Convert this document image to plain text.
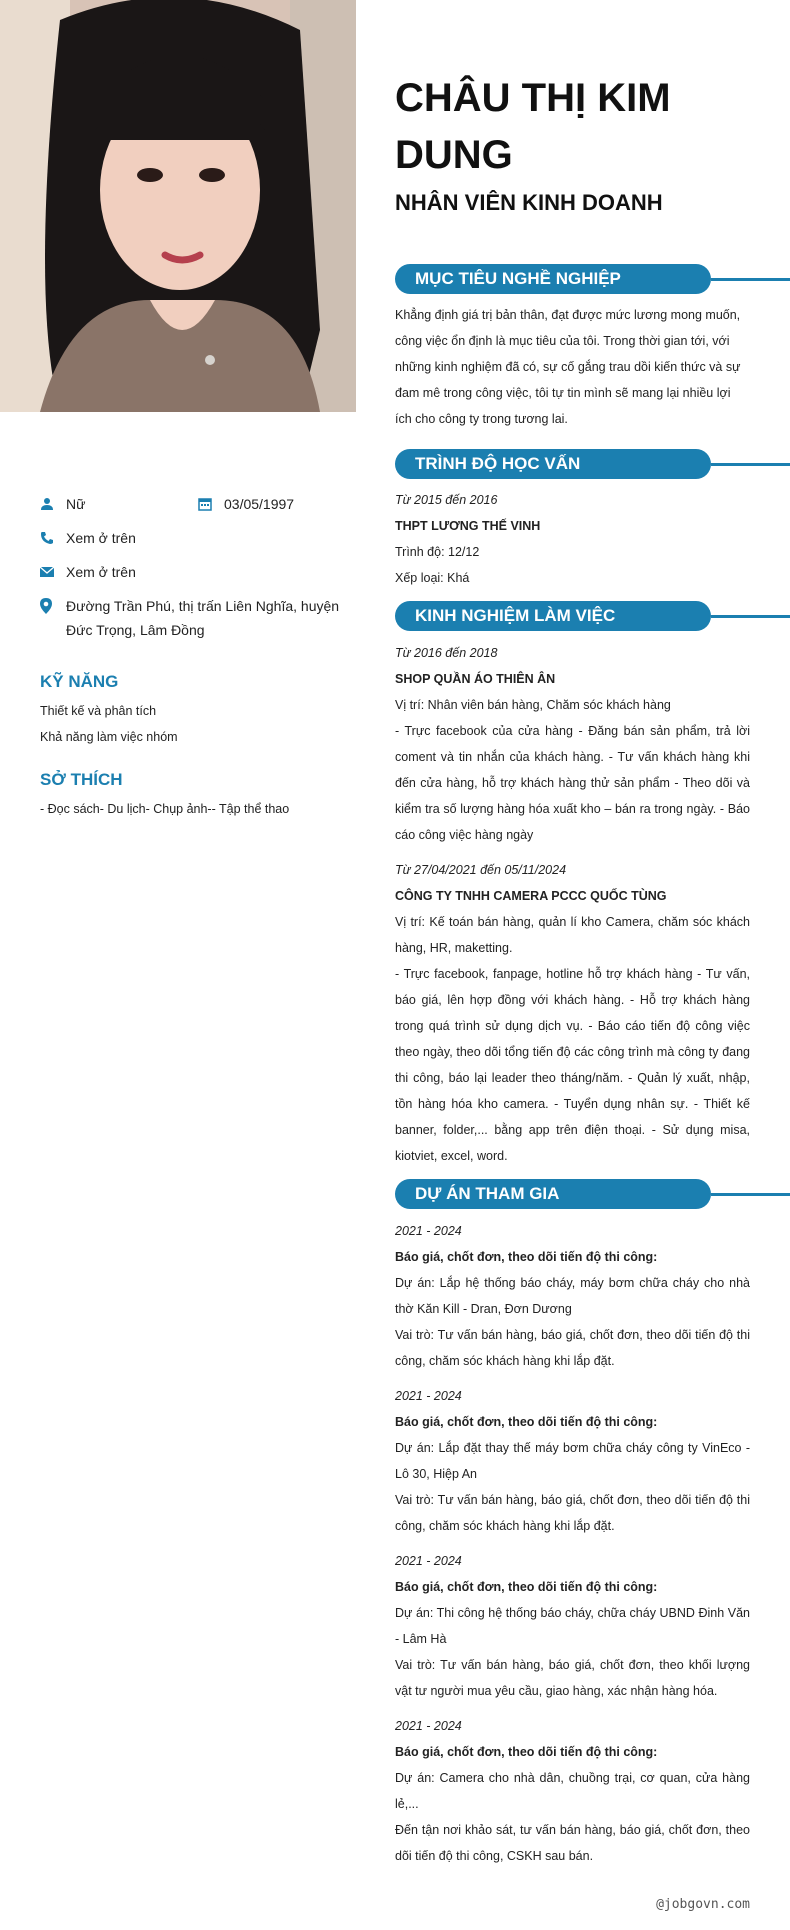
Nữ	03/05/1997
Xem ở trên
Xem ở trên
Đường Trần Phú, thị trấn Liên Nghĩa, huyện Đức Trọng, Lâm Đồng
KỸ NĂNG
Thiết kế và phân tích
Khả năng làm việc nhóm
SỞ THÍCH
- Đọc sách- Du lịch- Chụp ảnh-- Tập thể thao
CHÂU THỊ KIM DUNG
NHÂN VIÊN KINH DOANH
MỤC TIÊU NGHỀ NGHIỆP
Khẳng định giá trị bản thân, đạt được mức lương mong muốn, công việc ổn định là mục tiêu của tôi. Trong thời gian tới, với những kinh nghiệm đã có, sự cố gắng trau dồi kiến thức và sự đam mê trong công việc, tôi tự tin mình sẽ mang lại nhiều lợi ích cho công ty trong tương lai.
TRÌNH ĐỘ HỌC VẤN
Từ 2015 đến 2016
THPT LƯƠNG THẾ VINH
Trình độ: 12/12
Xếp loại: Khá
KINH NGHIỆM LÀM VIỆC
Từ 2016 đến 2018
SHOP QUẦN ÁO THIÊN ÂN
Vị trí: Nhân viên bán hàng, Chăm sóc khách hàng
- Trực facebook của cửa hàng - Đăng bán sản phẩm, trả lời coment và tin nhắn của khách hàng. - Tư vấn khách hàng khi đến cửa hàng, hỗ trợ khách hàng thử sản phẩm - Theo dõi và kiểm tra số lượng hàng hóa xuất kho – bán ra trong ngày. - Báo cáo công việc hàng ngày
Từ 27/04/2021 đến 05/11/2024
CÔNG TY TNHH CAMERA PCCC QUỐC TÙNG
Vị trí: Kế toán bán hàng, quản lí kho Camera, chăm sóc khách hàng, HR, maketting.
- Trực facebook, fanpage, hotline hỗ trợ khách hàng - Tư vấn, báo giá, lên hợp đồng với khách hàng. - Hỗ trợ khách hàng trong quá trình sử dụng dịch vụ. - Báo cáo tiến độ công việc theo ngày, theo dõi tổng tiến độ các công trình mà công ty đang thi công, báo lại leader theo tháng/năm. - Quản lý xuất, nhập, tồn hàng hóa kho camera. - Tuyển dụng nhân sự. - Thiết kế banner, folder,... bằng app trên điện thoại. - Sử dụng misa, kiotviet, excel, word.
DỰ ÁN THAM GIA
2021 - 2024
Báo giá, chốt đơn, theo dõi tiến độ thi công:
Dự án: Lắp hệ thống báo cháy, máy bơm chữa cháy cho nhà thờ Kăn Kill - Dran, Đơn Dương
Vai trò: Tư vấn bán hàng, báo giá, chốt đơn, theo dõi tiến độ thi công, chăm sóc khách hàng khi lắp đặt.
2021 - 2024
Báo giá, chốt đơn, theo dõi tiến độ thi công:
Dự án: Lắp đặt thay thế máy bơm chữa cháy công ty VinEco - Lô 30, Hiệp An
Vai trò: Tư vấn bán hàng, báo giá, chốt đơn, theo dõi tiến độ thi công, chăm sóc khách hàng khi lắp đặt.
2021 - 2024
Báo giá, chốt đơn, theo dõi tiến độ thi công:
Dự án: Thi công hệ thống báo cháy, chữa cháy UBND Đinh Văn - Lâm Hà
Vai trò: Tư vấn bán hàng, báo giá, chốt đơn, theo khối lượng vật tư người mua yêu cầu, giao hàng, xác nhận hàng hóa.
2021 - 2024
Báo giá, chốt đơn, theo dõi tiến độ thi công:
Dự án: Camera cho nhà dân, chuồng trại, cơ quan, cửa hàng lẻ,...
Đến tận nơi khảo sát, tư vấn bán hàng, báo giá, chốt đơn, theo dõi tiến độ thi công, CSKH sau bán.
@jobgovn.com
